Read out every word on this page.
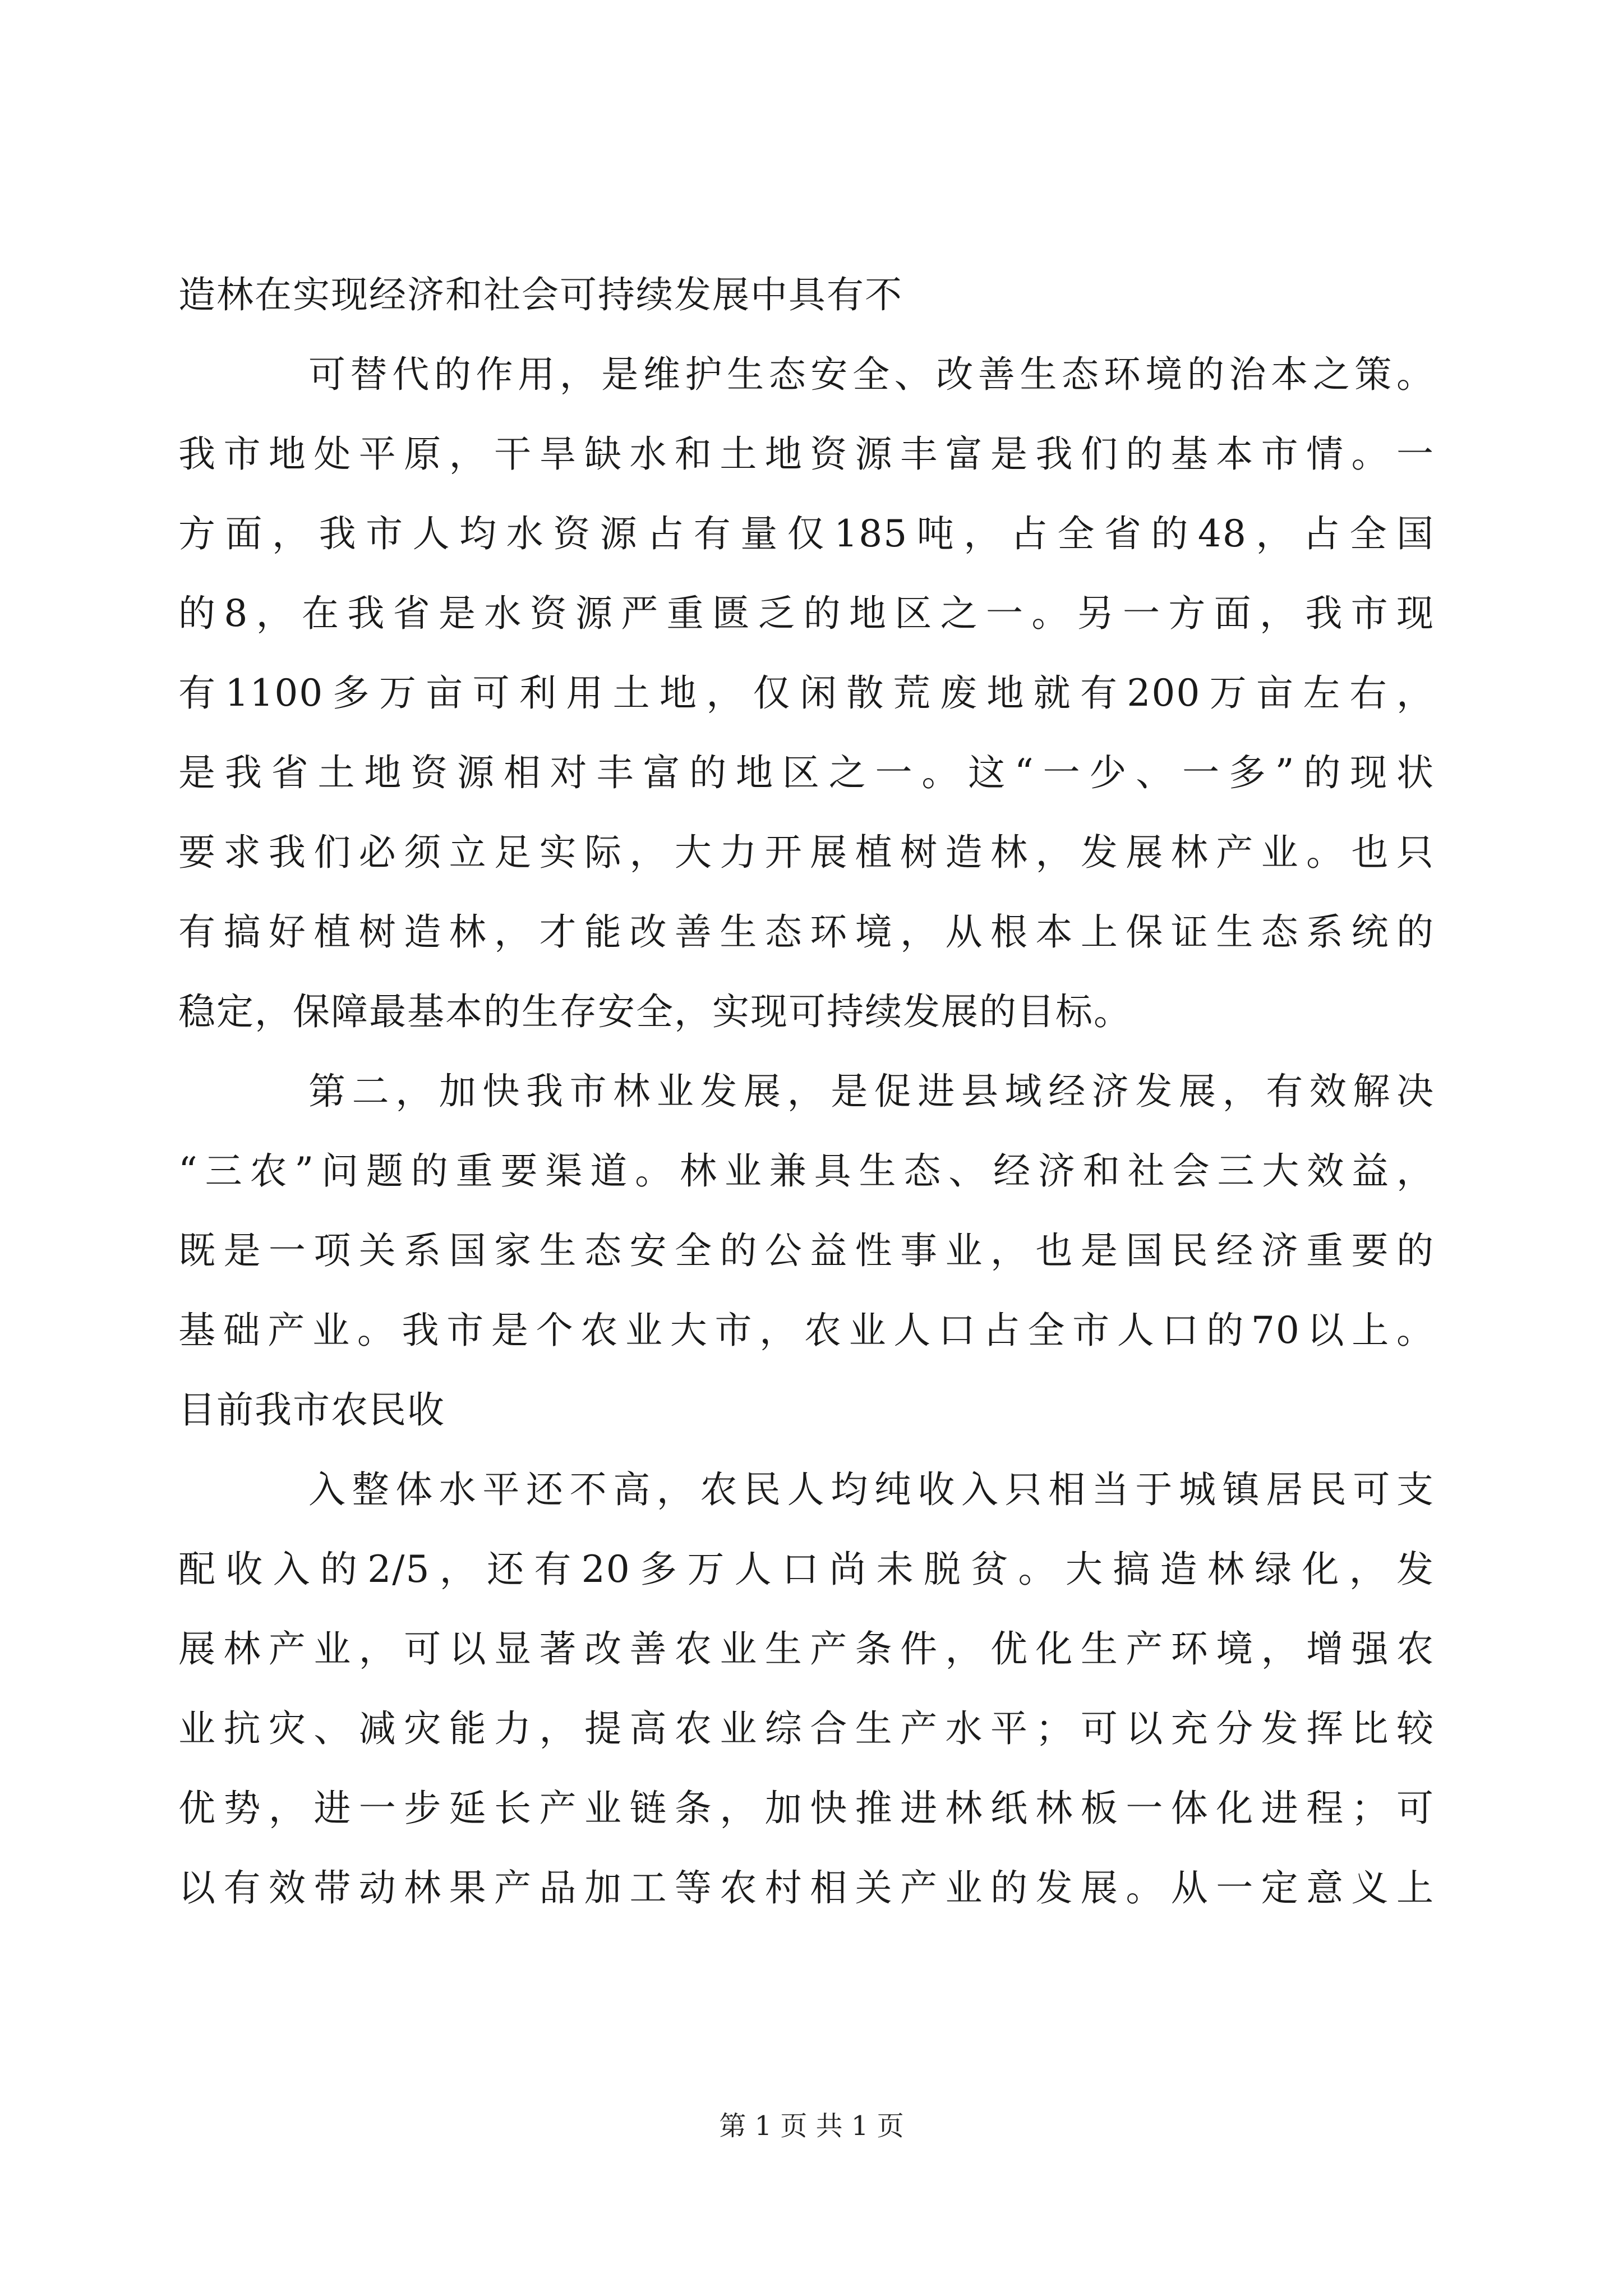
造林在实现经济和社会可持续发展中具有不
可替代的作用，是维护生态安全、改善生态环境的治本之策。
我市地处平原，干旱缺水和土地资源丰富是我们的基本市情。一
方面，我市人均水资源占有量仅185吨，占全省的48，占全国
的8，在我省是水资源严重匮乏的地区之一。另一方面，我市现
有1100多万亩可利用土地，仅闲散荒废地就有200万亩左右，
是我省土地资源相对丰富的地区之一。这“一少、一多”的现状
要求我们必须立足实际，大力开展植树造林，发展林产业。也只
有搞好植树造林，才能改善生态环境，从根本上保证生态系统的
稳定，保障最基本的生存安全，实现可持续发展的目标。
第二，加快我市林业发展，是促进县域经济发展，有效解决
“三农”问题的重要渠道。林业兼具生态、经济和社会三大效益，
既是一项关系国家生态安全的公益性事业，也是国民经济重要的
基础产业。我市是个农业大市，农业人口占全市人口的70以上。
目前我市农民收
入整体水平还不高，农民人均纯收入只相当于城镇居民可支
配收入的2/5，还有20多万人口尚未脱贫。大搞造林绿化，发
展林产业，可以显著改善农业生产条件，优化生产环境，增强农
业抗灾、减灾能力，提高农业综合生产水平；可以充分发挥比较
优势，进一步延长产业链条，加快推进林纸林板一体化进程；可
以有效带动林果产品加工等农村相关产业的发展。从一定意义上
第 1 页 共 1 页
